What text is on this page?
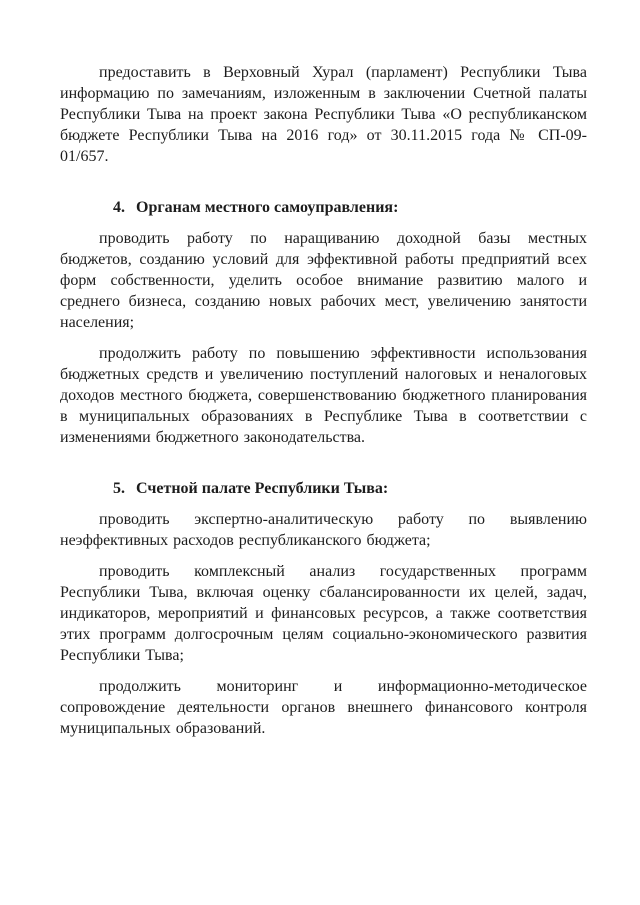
предоставить в Верховный Хурал (парламент) Республики Тыва информацию по замечаниям, изложенным в заключении Счетной палаты Республики Тыва на проект закона Республики Тыва «О республиканском бюджете Республики Тыва на 2016 год» от 30.11.2015 года № СП-09-01/657.

4. Органам местного самоуправления:

проводить работу по наращиванию доходной базы местных бюджетов, созданию условий для эффективной работы предприятий всех форм собственности, уделить особое внимание развитию малого и среднего бизнеса, созданию новых рабочих мест, увеличению занятости населения;

продолжить работу по повышению эффективности использования бюджетных средств и увеличению поступлений налоговых и неналоговых доходов местного бюджета, совершенствованию бюджетного планирования в муниципальных образованиях в Республике Тыва в соответствии с изменениями бюджетного законодательства.

5. Счетной палате Республики Тыва:

проводить экспертно-аналитическую работу по выявлению неэффективных расходов республиканского бюджета;

проводить комплексный анализ государственных программ Республики Тыва, включая оценку сбалансированности их целей, задач, индикаторов, мероприятий и финансовых ресурсов, а также соответствия этих программ долгосрочным целям социально-экономического развития Республики Тыва;

продолжить мониторинг и информационно-методическое сопровождение деятельности органов внешнего финансового контроля муниципальных образований.
